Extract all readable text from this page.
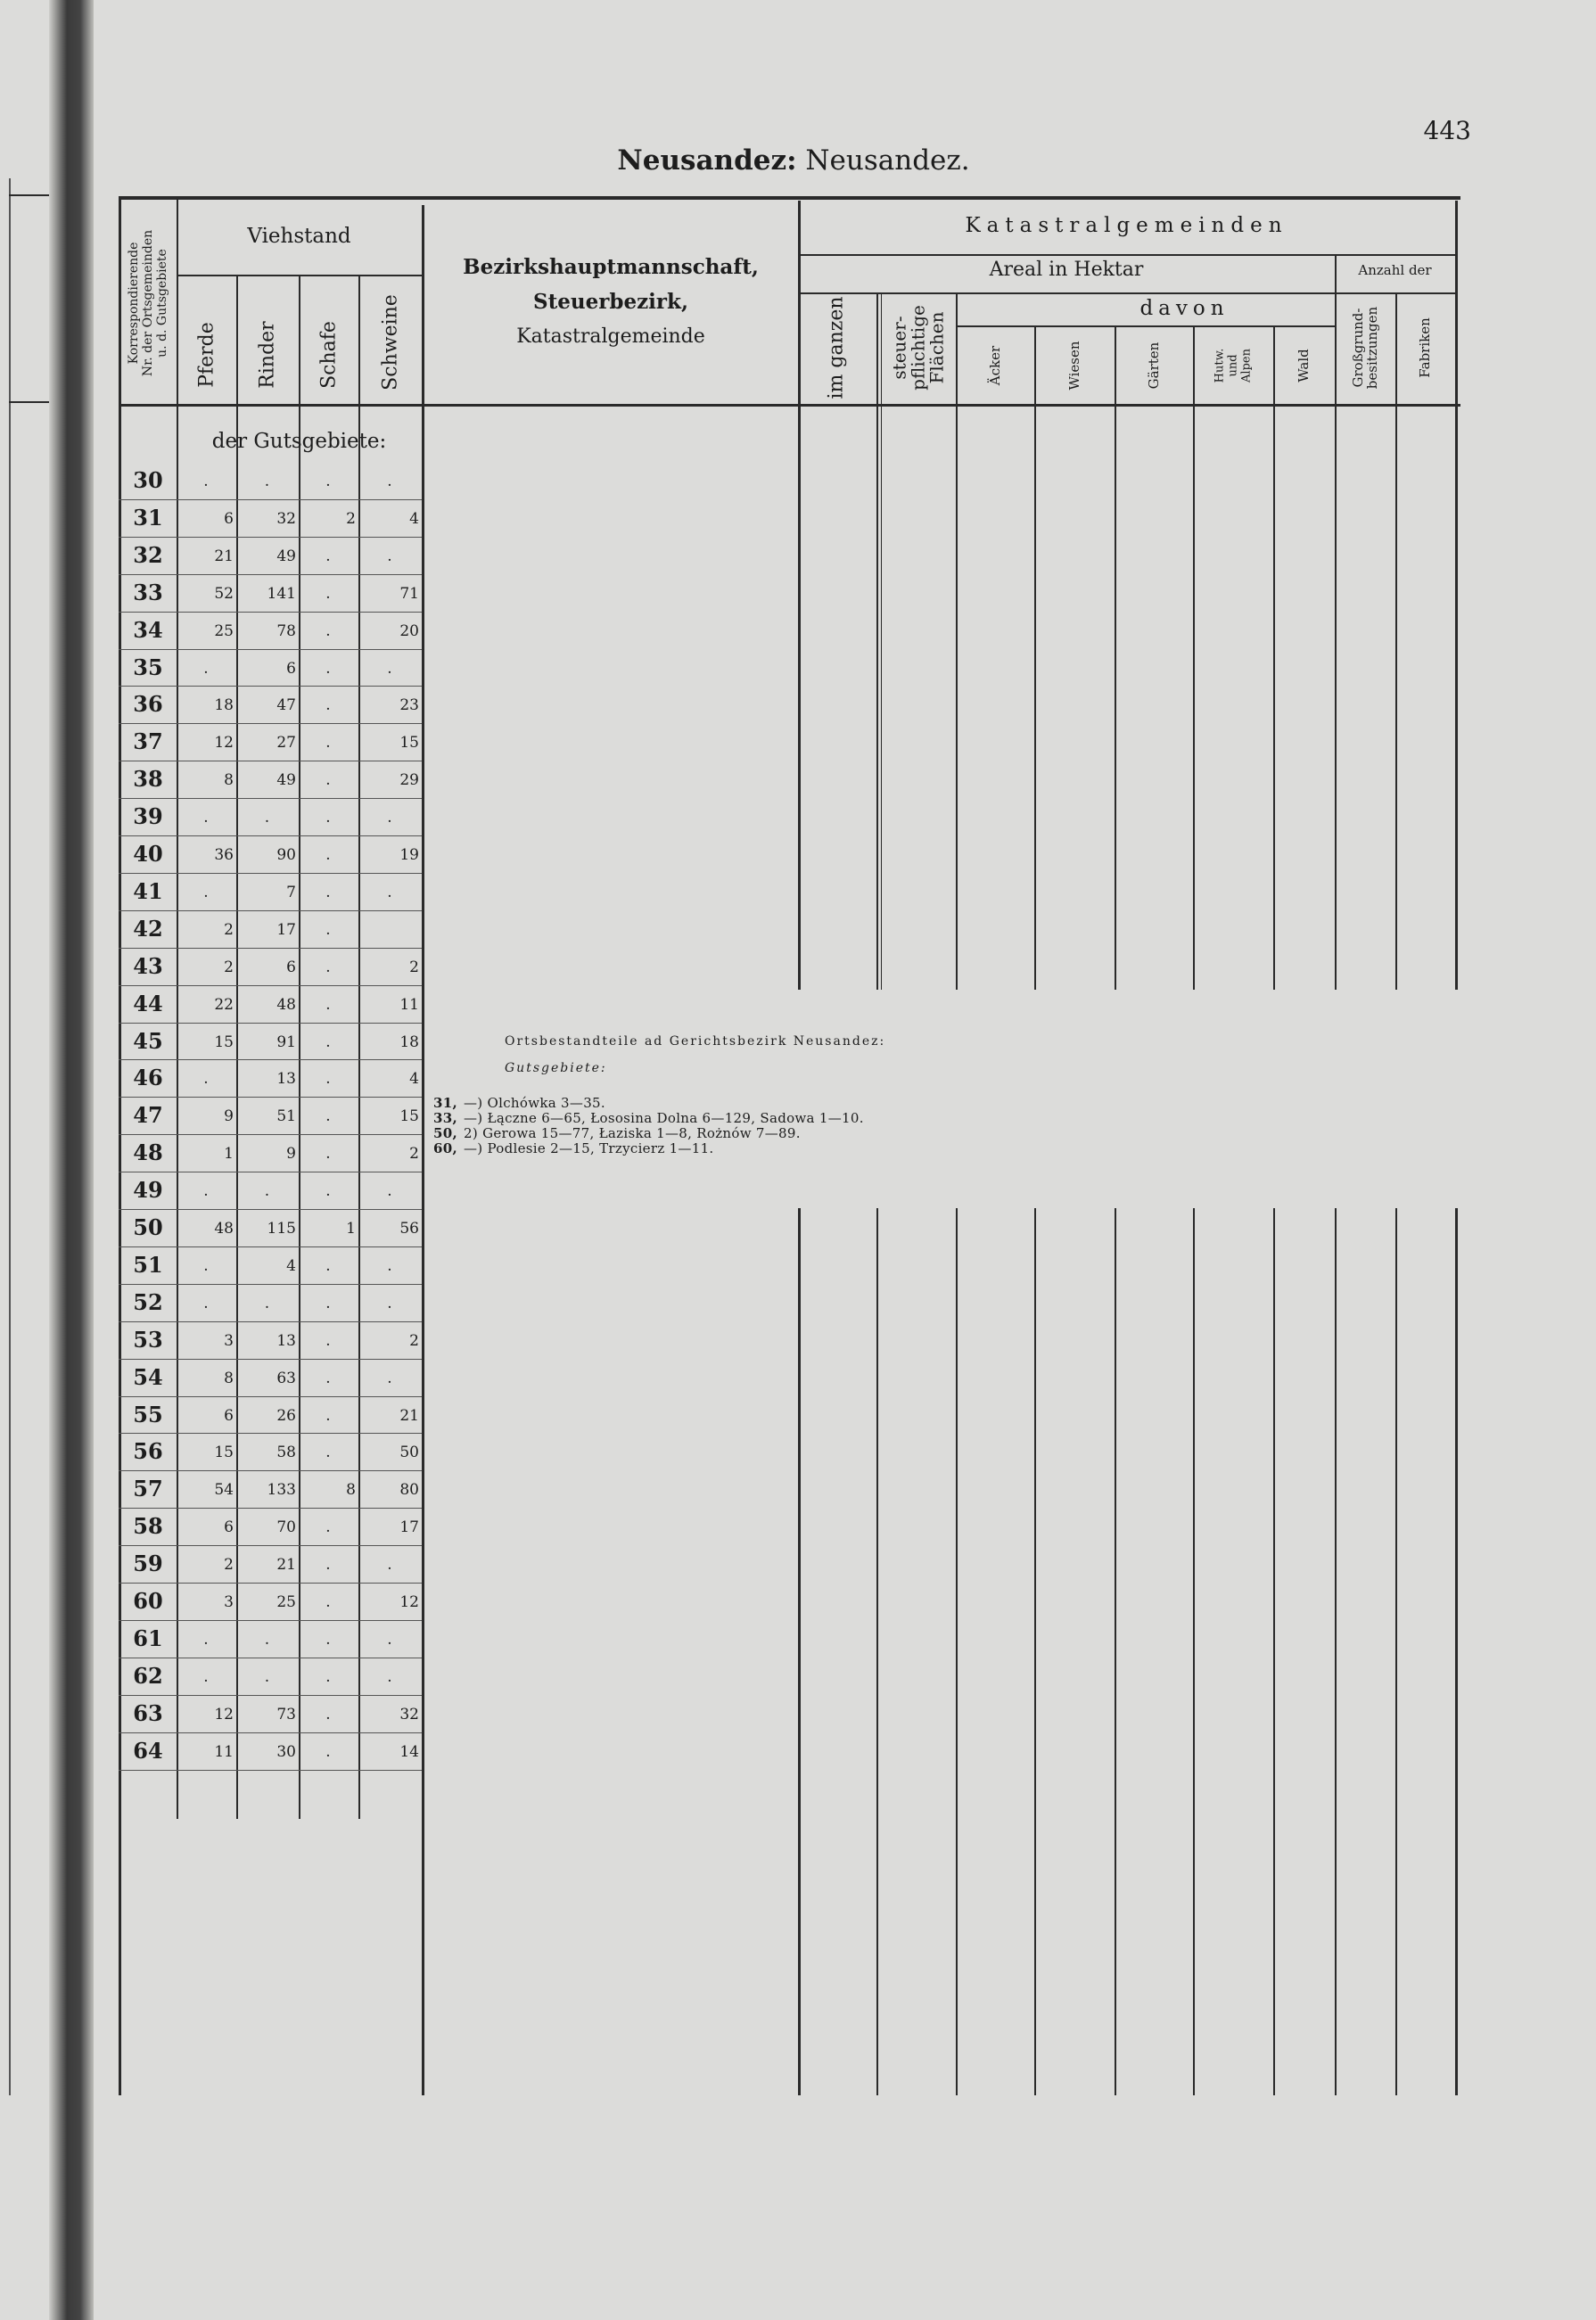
443
Neusandez: Neusandez.
Korrespondierende Nr. der Ortsgemeinden u. d. Gutsgebiete
Viehstand
Pferde Rinder Schafe Schweine
Bezirkshauptmannschaft,
Steuerbezirk,
Katastralgemeinde
Katastralgemeinden
Areal in Hektar	Anzahl der
im ganzen steuer-
pflichtige
Flächen
davon
Äcker	Wiesen	Gärten	Hutw. und Alpen	Wald	Großgrund-
besitzungen	Fabriken
der Gutsgebiete:
30	.	.	.	.
31	6	32	2	4
32	21	49	.	.
33	52	141	.	71
34	25	78	.	20
35	.	6	.	.
36	18	47	.	23
37	12	27	.	15
38	8	49	.	29
39	.	.	.	.
40	36	90	.	19
41	.	7	.	.
42	2	17	.
43	2	6	.	2
44	22	48	.	11
45	15	91	.	18
46	.	13	.	4
47	9	51	.	15
48	1	9	.	2
49	.	.	.	.
50	48	115	1	56
51	.	4	.	.
52	.	.	.	.
53	3	13	.	2
54	8	63	.	.
55	6	26	.	21
56	15	58	.	50
57	54	133	8	80
58	6	70	.	17
59	2	21	.	.
60	3	25	.	12
61	.	.	.	.
62	.	.	.	.
63	12	73	.	32
64	11	30	.	14
Ortsbestandteile ad Gerichtsbezirk Neusandez:
Gutsgebiete:
31, —) Olchówka 3—35.
33, —) Łączne 6—65, Łososina Dolna 6—129, Sadowa 1—10.
50, 2) Gerowa 15—77, Łaziska 1—8, Rożnów 7—89.
60, —) Podlesie 2—15, Trzycierz 1—11.
